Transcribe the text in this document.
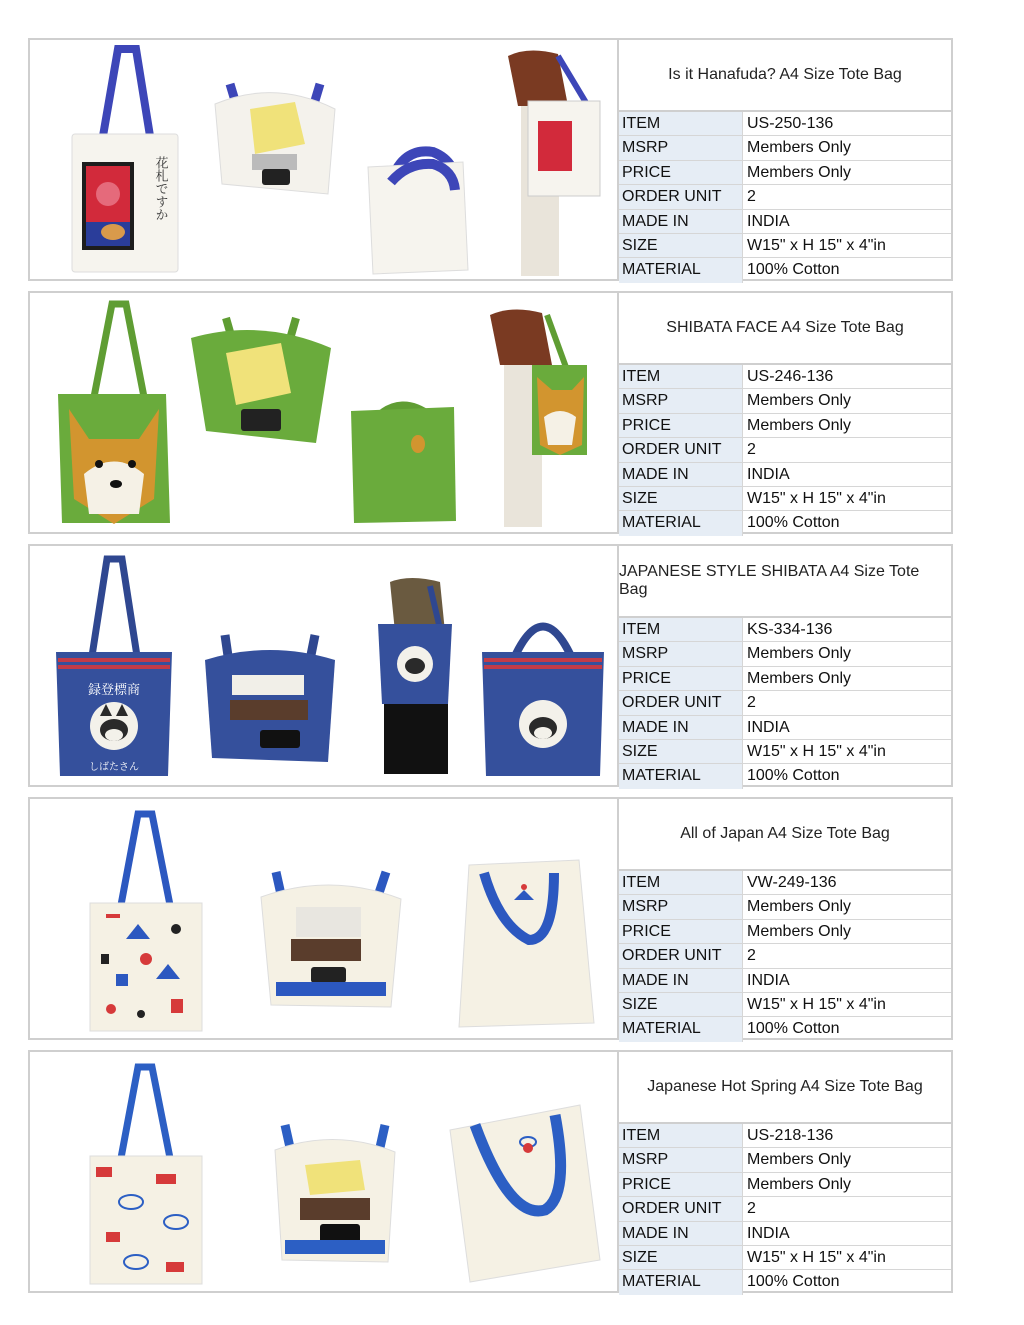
花札ですか
Is it Hanafuda? A4 Size Tote Bag
ITEM	US-250-136
MSRP	Members Only
PRICE	Members Only
ORDER UNIT	2
MADE IN	INDIA
SIZE	W15" x H 15" x 4"in
MATERIAL	100% Cotton
SHIBATA FACE A4 Size Tote Bag
ITEM	US-246-136
MSRP	Members Only
PRICE	Members Only
ORDER UNIT	2
MADE IN	INDIA
SIZE	W15" x H 15" x 4"in
MATERIAL	100% Cotton
録登標商
しばたさん
JAPANESE STYLE SHIBATA A4 Size Tote Bag
ITEM	KS-334-136
MSRP	Members Only
PRICE	Members Only
ORDER UNIT	2
MADE IN	INDIA
SIZE	W15" x H 15" x 4"in
MATERIAL	100% Cotton
All of Japan A4 Size Tote Bag
ITEM	VW-249-136
MSRP	Members Only
PRICE	Members Only
ORDER UNIT	2
MADE IN	INDIA
SIZE	W15" x H 15" x 4"in
MATERIAL	100% Cotton
Japanese Hot Spring A4 Size Tote Bag
ITEM	US-218-136
MSRP	Members Only
PRICE	Members Only
ORDER UNIT	2
MADE IN	INDIA
SIZE	W15" x H 15" x 4"in
MATERIAL	100% Cotton
